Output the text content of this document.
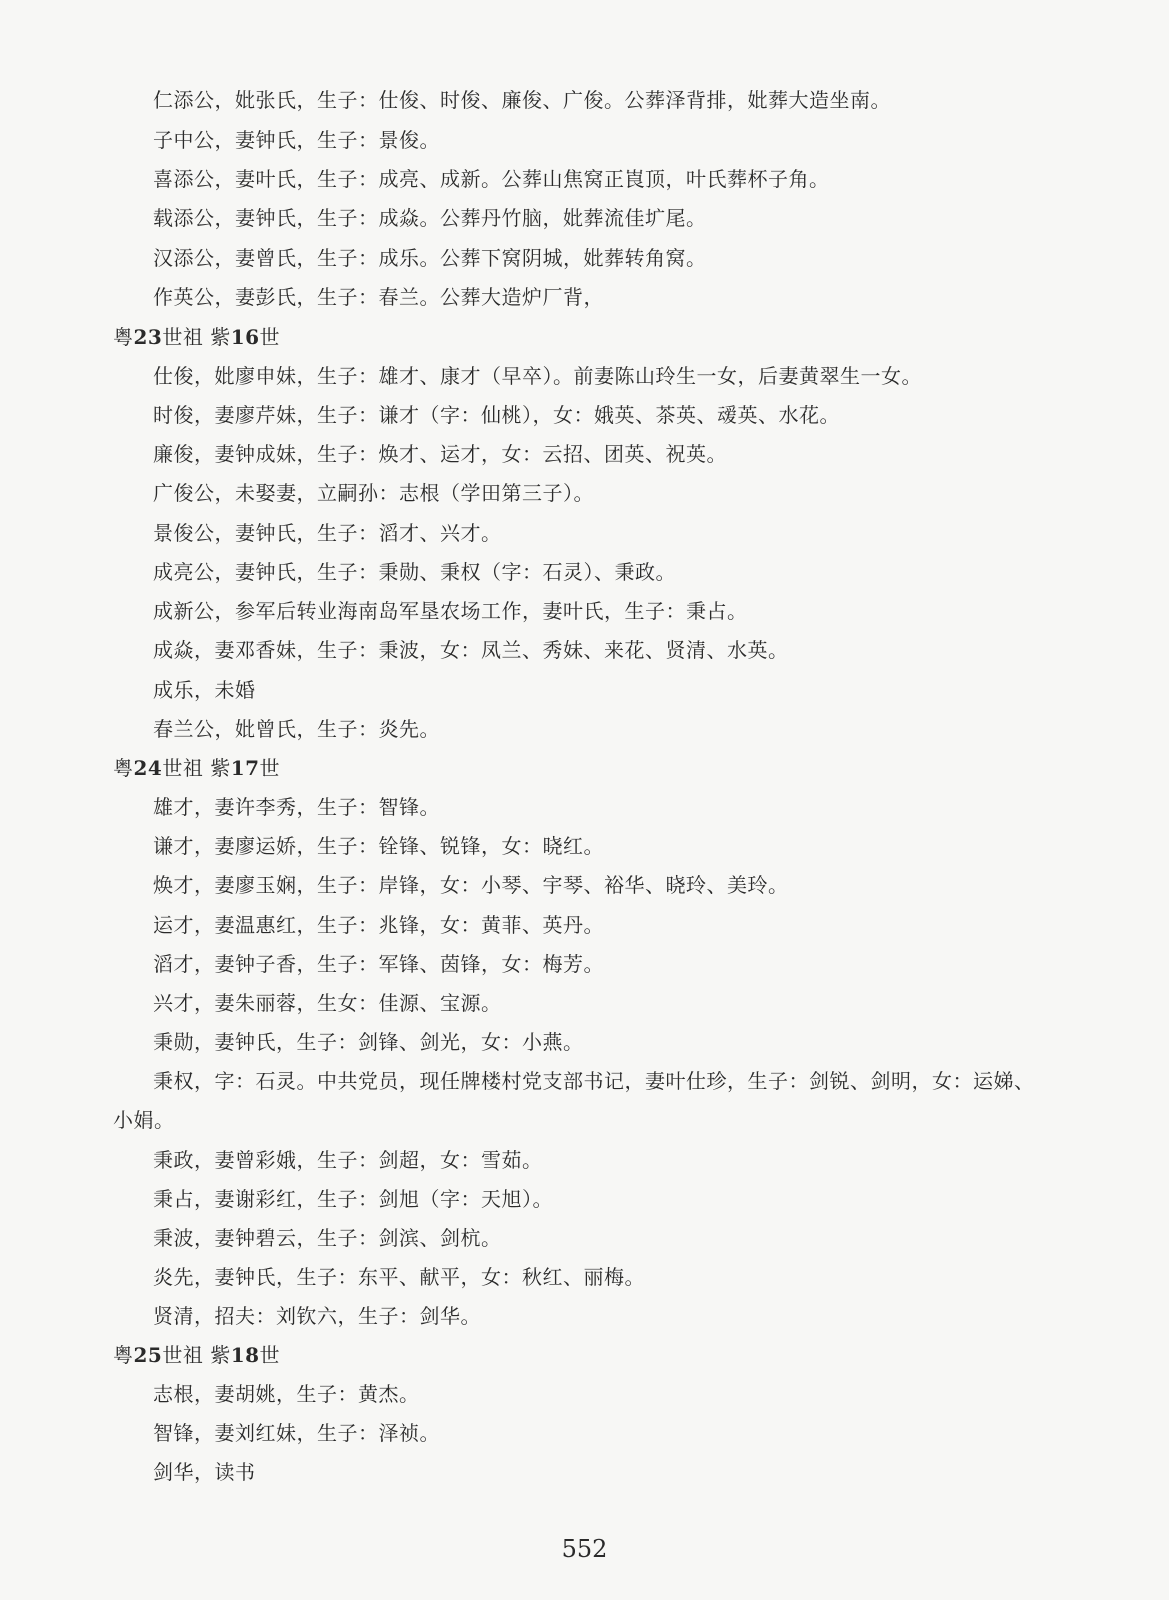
仁添公，妣张氏，生子：仕俊、时俊、廉俊、广俊。公葬泽背排，妣葬大造坐南。
子中公，妻钟氏，生子：景俊。
喜添公，妻叶氏，生子：成亮、成新。公葬山焦窝正崀顶，叶氏葬杯子角。
载添公，妻钟氏，生子：成焱。公葬丹竹脑，妣葬流佳圹尾。
汉添公，妻曾氏，生子：成乐。公葬下窝阴城，妣葬转角窝。
作英公，妻彭氏，生子：春兰。公葬大造炉厂背，
粤23世祖 紫16世
仕俊，妣廖申妹，生子：雄才、康才（早卒）。前妻陈山玲生一女，后妻黄翠生一女。
时俊，妻廖芹妹，生子：谦才（字：仙桃），女：娥英、茶英、叆英、水花。
廉俊，妻钟成妹，生子：焕才、运才，女：云招、团英、祝英。
广俊公，未娶妻，立嗣孙：志根（学田第三子）。
景俊公，妻钟氏，生子：滔才、兴才。
成亮公，妻钟氏，生子：秉勋、秉权（字：石灵）、秉政。
成新公，参军后转业海南岛军垦农场工作，妻叶氏，生子：秉占。
成焱，妻邓香妹，生子：秉波，女：凤兰、秀妹、来花、贤清、水英。
成乐，未婚
春兰公，妣曾氏，生子：炎先。
粤24世祖 紫17世
雄才，妻许李秀，生子：智锋。
谦才，妻廖运娇，生子：铨锋、锐锋，女：晓红。
焕才，妻廖玉娴，生子：岸锋，女：小琴、宇琴、裕华、晓玲、美玲。
运才，妻温惠红，生子：兆锋，女：黄菲、英丹。
滔才，妻钟子香，生子：军锋、茵锋，女：梅芳。
兴才，妻朱丽蓉，生女：佳源、宝源。
秉勋，妻钟氏，生子：剑锋、剑光，女：小燕。
秉权，字：石灵。中共党员，现任牌楼村党支部书记，妻叶仕珍，生子：剑锐、剑明，女：运娣、
小娟。
秉政，妻曾彩娥，生子：剑超，女：雪茹。
秉占，妻谢彩红，生子：剑旭（字：天旭）。
秉波，妻钟碧云，生子：剑滨、剑杭。
炎先，妻钟氏，生子：东平、献平，女：秋红、丽梅。
贤清，招夫：刘钦六，生子：剑华。
粤25世祖 紫18世
志根，妻胡姚，生子：黄杰。
智锋，妻刘红妹，生子：泽祯。
剑华，读书
552
